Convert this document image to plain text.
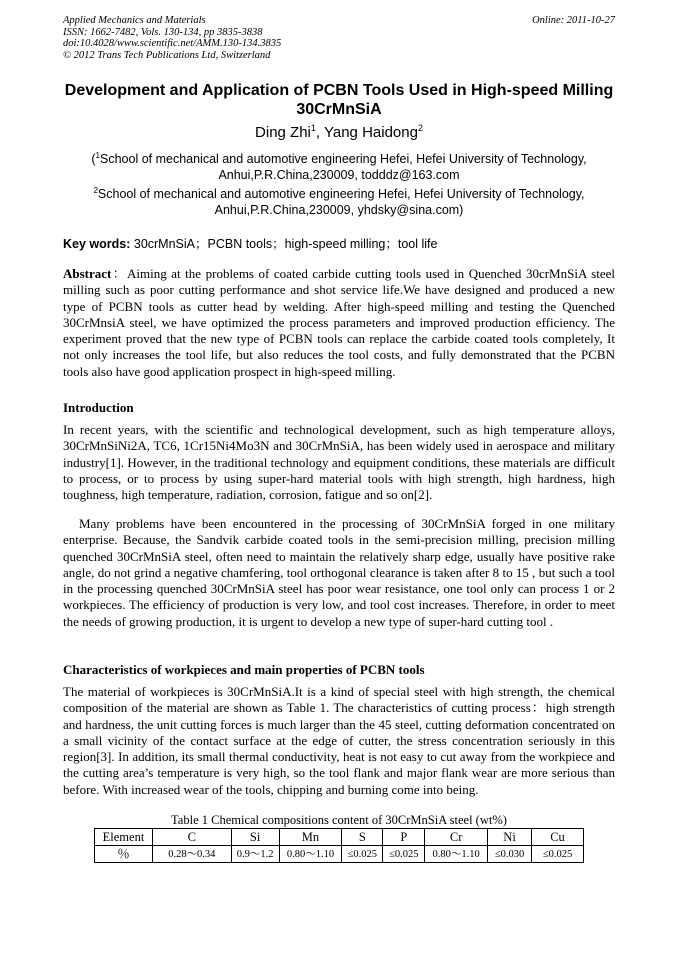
Applied Mechanics and Materials
ISSN: 1662-7482, Vols. 130-134, pp 3835-3838
doi:10.4028/www.scientific.net/AMM.130-134.3835
© 2012 Trans Tech Publications Ltd, Switzerland
Online: 2011-10-27
Development and Application of PCBN Tools Used in High-speed Milling 30CrMnSiA
Ding Zhi$^1$, Yang Haidong$^2$
($^1$School of mechanical and automotive engineering Hefei, Hefei University of Technology, Anhui,P.R.China,230009, todddz@163.com
$^2$School of mechanical and automotive engineering Hefei, Hefei University of Technology, Anhui,P.R.China,230009, yhdsky@sina.com)
Key words: 30crMnSiA；PCBN tools；high-speed milling；tool life
Abstract：Aiming at the problems of coated carbide cutting tools used in Quenched 30crMnSiA steel milling such as poor cutting performance and shot service life.We have designed and produced a new type of PCBN tools as cutter head by welding. After high-speed milling and testing the Quenched 30CrMnsiA steel, we have optimized the process parameters and improved production efficiency. The experiment proved that the new type of PCBN tools can replace the carbide coated tools completely, It not only increases the tool life, but also reduces the tool costs, and fully demonstrated that the PCBN tools also have good application prospect in high-speed milling.
Introduction
In recent years, with the scientific and technological development, such as high temperature alloys, 30CrMnSiNi2A, TC6, 1Cr15Ni4Mo3N and 30CrMnSiA, has been widely used in aerospace and military industry[1]. However, in the traditional technology and equipment conditions, these materials are difficult to process, or to process by using super-hard material tools with high strength, high hardness, high toughness, high temperature, radiation, corrosion, fatigue and so on[2].
Many problems have been encountered in the processing of 30CrMnSiA forged in one military enterprise. Because, the Sandvik carbide coated tools in the semi-precision milling, precision milling quenched 30CrMnSiA steel, often need to maintain the relatively sharp edge, usually have positive rake angle, do not grind a negative chamfering, tool orthogonal clearance is taken after 8 to 15 , but such a tool in the processing quenched 30CrMnSiA steel has poor wear resistance, one tool only can process 1 or 2 workpieces. The efficiency of production is very low, and tool cost increases. Therefore, in order to meet the needs of growing production, it is urgent to develop a new type of super-hard cutting tool .
Characteristics of workpieces and main properties of PCBN tools
The material of workpieces is 30CrMnSiA.It is a kind of special steel with high strength, the chemical composition of the material are shown as Table 1. The characteristics of cutting process：high strength and hardness, the unit cutting forces is much larger than the 45 steel, cutting deformation concentrated on a small vicinity of the contact surface at the edge of cutter, the stress concentration seriously in this region[3]. In addition, its small thermal conductivity, heat is not easy to cut away from the workpiece and the cutting area’s temperature is very high, so the tool flank and major flank wear are more serious than before. With increased wear of the tools, chipping and burning come into being.
Table 1 Chemical compositions content of 30CrMnSiA steel (wt%)
Element	C	Si	Mn	S	P	Cr	Ni	Cu
％	0.28～0.34	0.9～1.2	0.80～1.10	≤0.025	≤0.025	0.80～1.10	≤0.030	≤0.025
